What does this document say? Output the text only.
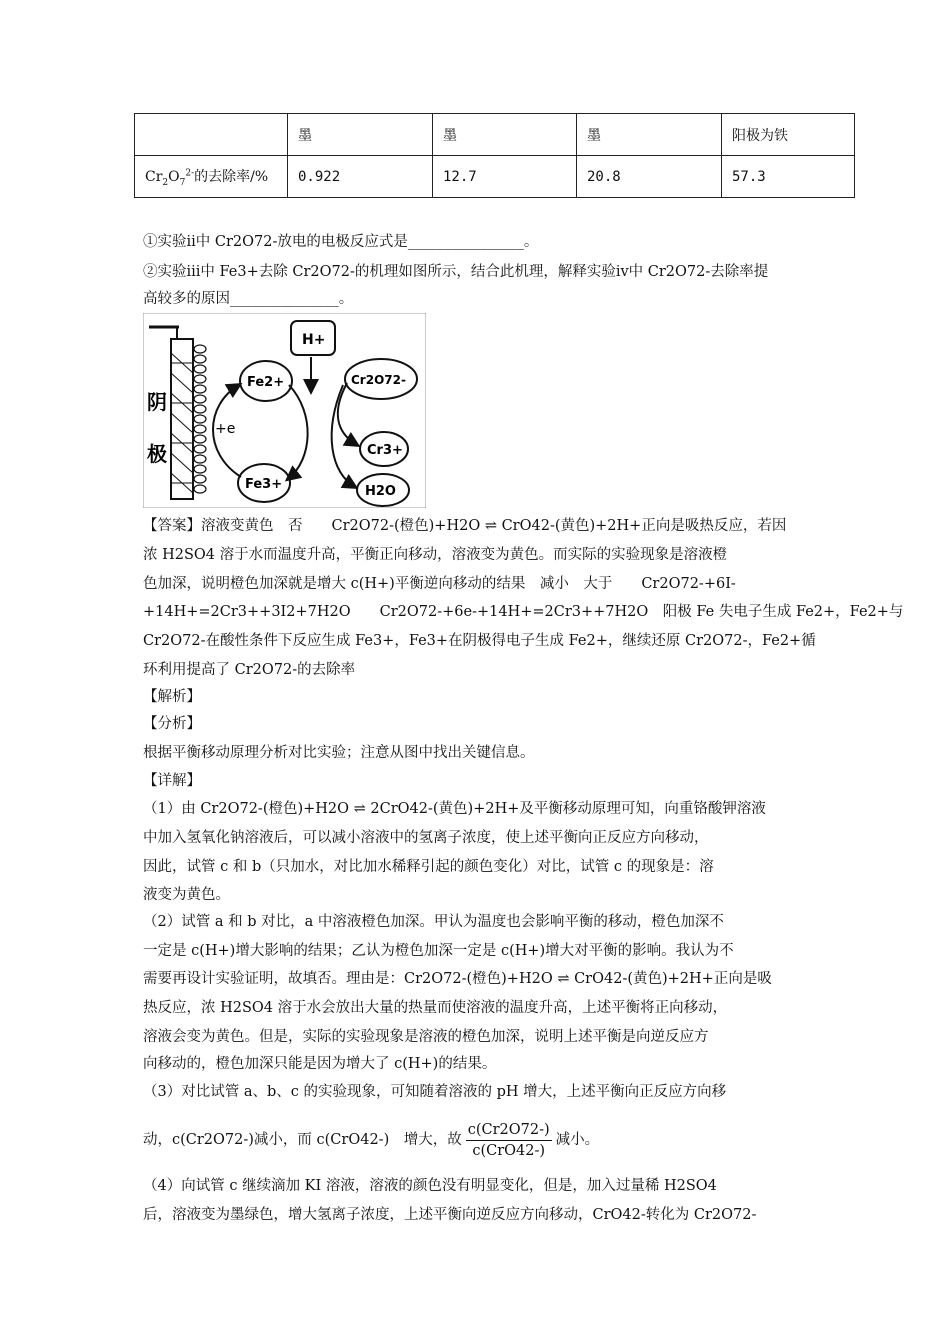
	墨	墨	墨	阳极为铁
$Cr_2O_7^{2-}$的去除率/%	0.922	12.7	20.8	57.3
①实验ⅱ中 Cr2O72-放电的电极反应式是________________。
②实验ⅲ中 Fe3+去除 Cr2O72-的机理如图所示，结合此机理，解释实验ⅳ中 Cr2O72-去除率提
高较多的原因_______________。
阴
极
Fe2+
Fe3+
+e
H+
Cr2O72-
Cr3+
H2O
【答案】溶液变黄色　否　　Cr2O72-(橙色)+H2O ⇌ CrO42-(黄色)+2H+正向是吸热反应，若因
浓 H2SO4 溶于水而温度升高，平衡正向移动，溶液变为黄色。而实际的实验现象是溶液橙
色加深，说明橙色加深就是增大 c(H+)平衡逆向移动的结果　减小　大于　　Cr2O72-+6I-
+14H+=2Cr3++3I2+7H2O　　Cr2O72-+6e-+14H+=2Cr3++7H2O　阳极 Fe 失电子生成 Fe2+，Fe2+与
Cr2O72-在酸性条件下反应生成 Fe3+，Fe3+在阴极得电子生成 Fe2+，继续还原 Cr2O72-，Fe2+循
环利用提高了 Cr2O72-的去除率
【解析】
【分析】
根据平衡移动原理分析对比实验；注意从图中找出关键信息。
【详解】
（1）由 Cr2O72-(橙色)+H2O ⇌ 2CrO42-(黄色)+2H+及平衡移动原理可知，向重铬酸钾溶液
中加入氢氧化钠溶液后，可以减小溶液中的氢离子浓度，使上述平衡向正反应方向移动，
因此，试管 c 和 b（只加水，对比加水稀释引起的颜色变化）对比，试管 c 的现象是：溶
液变为黄色。
（2）试管 a 和 b 对比，a 中溶液橙色加深。甲认为温度也会影响平衡的移动，橙色加深不
一定是 c(H+)增大影响的结果；乙认为橙色加深一定是 c(H+)增大对平衡的影响。我认为不
需要再设计实验证明，故填否。理由是：Cr2O72-(橙色)+H2O ⇌ CrO42-(黄色)+2H+正向是吸
热反应，浓 H2SO4 溶于水会放出大量的热量而使溶液的温度升高，上述平衡将正向移动，
溶液会变为黄色。但是，实际的实验现象是溶液的橙色加深，说明上述平衡是向逆反应方
向移动的，橙色加深只能是因为增大了 c(H+)的结果。
（3）对比试管 a、b、c 的实验现象，可知随着溶液的 pH 增大，上述平衡向正反应方向移
动，c(Cr2O72-)减小，而 c(CrO42-)　增大，故 $\frac{c(Cr2O72-)}{\text{c(CrO42-)}}$ 减小。
（4）向试管 c 继续滴加 KI 溶液，溶液的颜色没有明显变化，但是，加入过量稀 H2SO4
后，溶液变为墨绿色，增大氢离子浓度，上述平衡向逆反应方向移动，CrO42-转化为 Cr2O72-
